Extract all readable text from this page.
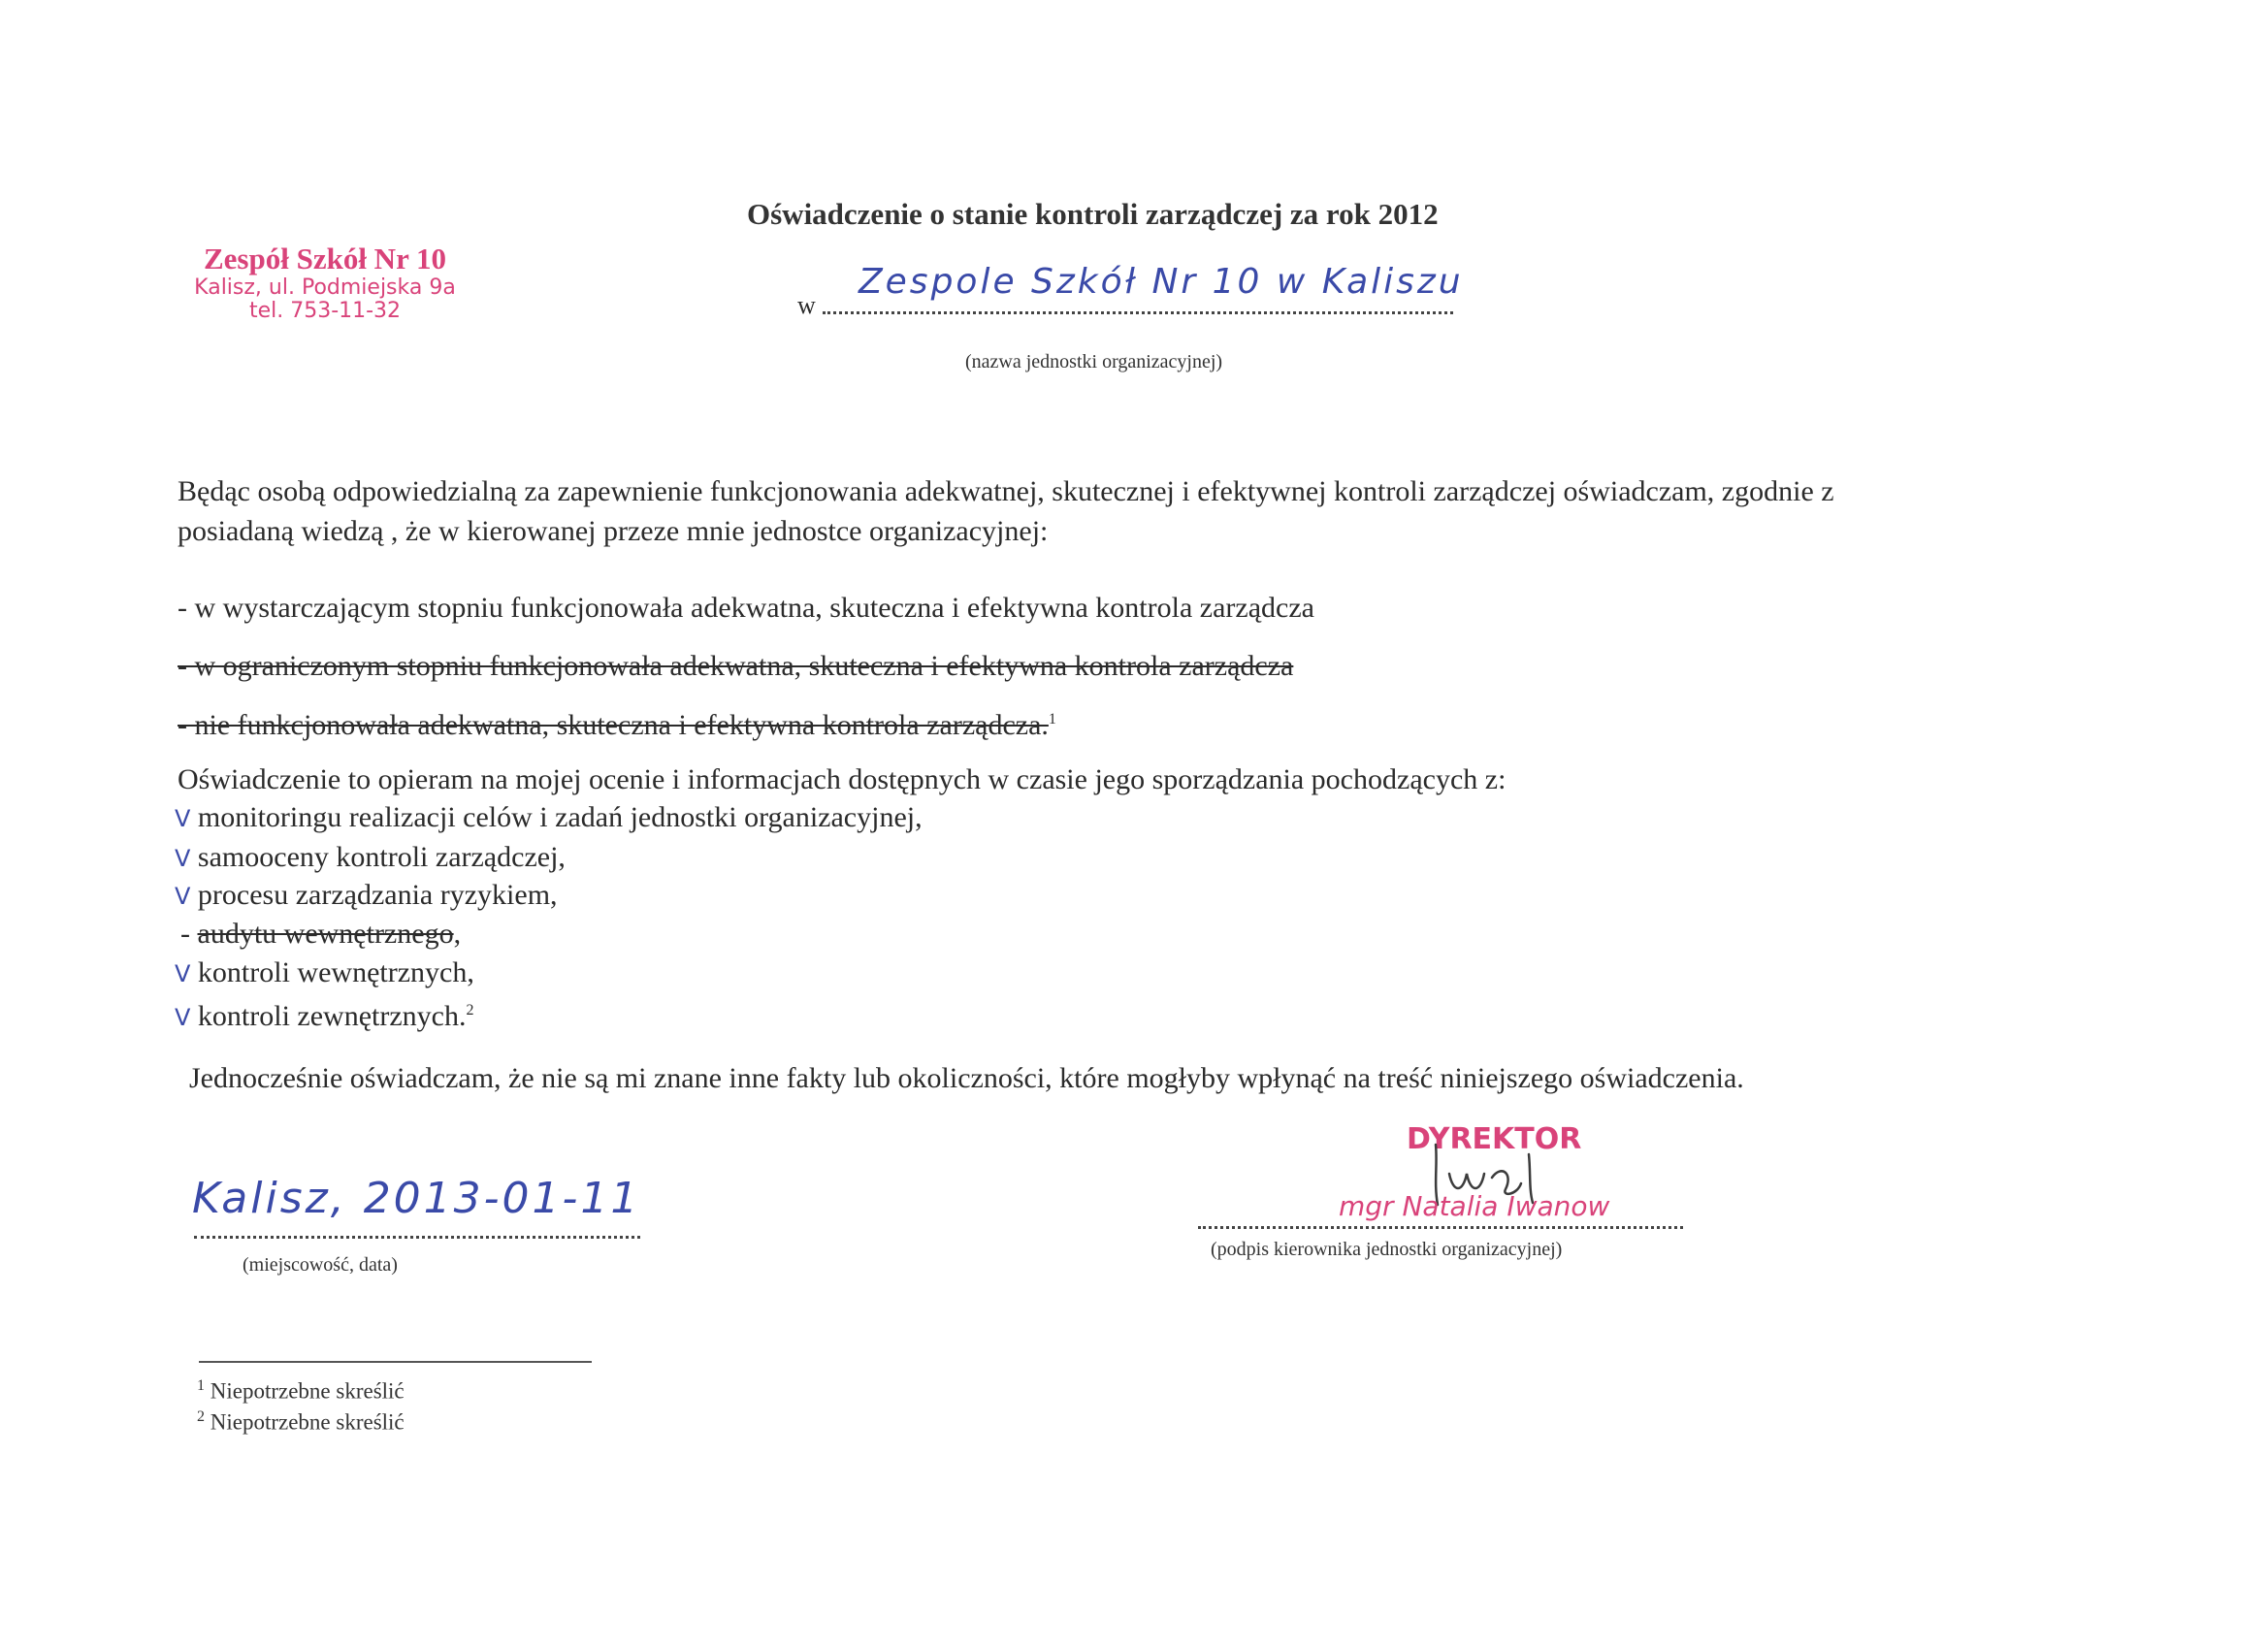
Zespół Szkół Nr 10
Kalisz, ul. Podmiejska 9a
tel. 753-11-32
Oświadczenie o stanie kontroli zarządczej za rok 2012
w
Zespole Szkół Nr 10 w Kaliszu
(nazwa jednostki organizacyjnej)
Będąc osobą odpowiedzialną za zapewnienie funkcjonowania adekwatnej, skutecznej i efektywnej kontroli zarządczej oświadczam, zgodnie z
posiadaną wiedzą , że w kierowanej przeze mnie jednostce organizacyjnej:
- w wystarczającym stopniu funkcjonowała adekwatna, skuteczna i efektywna kontrola zarządcza
- w ograniczonym stopniu funkcjonowała adekwatna, skuteczna i efektywna kontrola zarządcza
- nie funkcjonowała adekwatna, skuteczna i efektywna kontrola zarządcza.$^1$
Oświadczenie to opieram na mojej ocenie i informacjach dostępnych w czasie jego sporządzania pochodzących z:
V monitoringu realizacji celów i zadań jednostki organizacyjnej,
V samooceny kontroli zarządczej,
V procesu zarządzania ryzykiem,
- audytu wewnętrznego,
V kontroli wewnętrznych,
V kontroli zewnętrznych.$^2$
Jednocześnie oświadczam, że nie są mi znane inne fakty lub okoliczności, które mogłyby wpłynąć na treść niniejszego oświadczenia.
Kalisz, 2013-01-11
(miejscowość, data)
DYREKTOR
mgr Natalia Iwanow
(podpis kierownika jednostki organizacyjnej)
$^1$ Niepotrzebne skreślić
$^2$ Niepotrzebne skreślić
